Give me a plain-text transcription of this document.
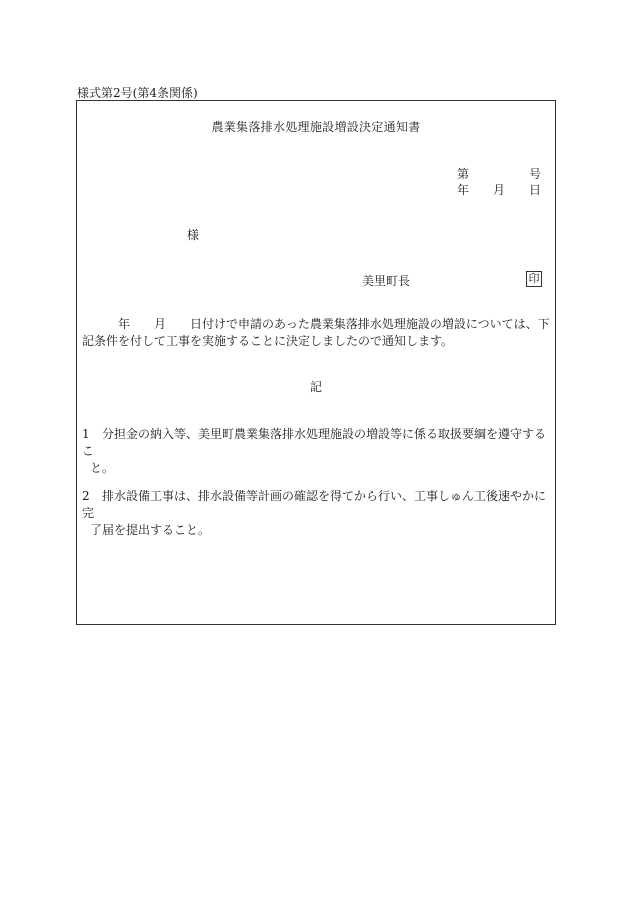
様式第2号(第4条関係)
農業集落排水処理施設増設決定通知書
第	号
年 月 日
様
美里町長	印
年 月 日付けで申請のあった農業集落排水処理施設の増設については、下記条件を付して工事を実施することに決定しましたので通知します。
記
1 分担金の納入等、美里町農業集落排水処理施設の増設等に係る取扱要綱を遵守するこ
と。
2 排水設備工事は、排水設備等計画の確認を得てから行い、工事しゅん工後速やかに完
了届を提出すること。
